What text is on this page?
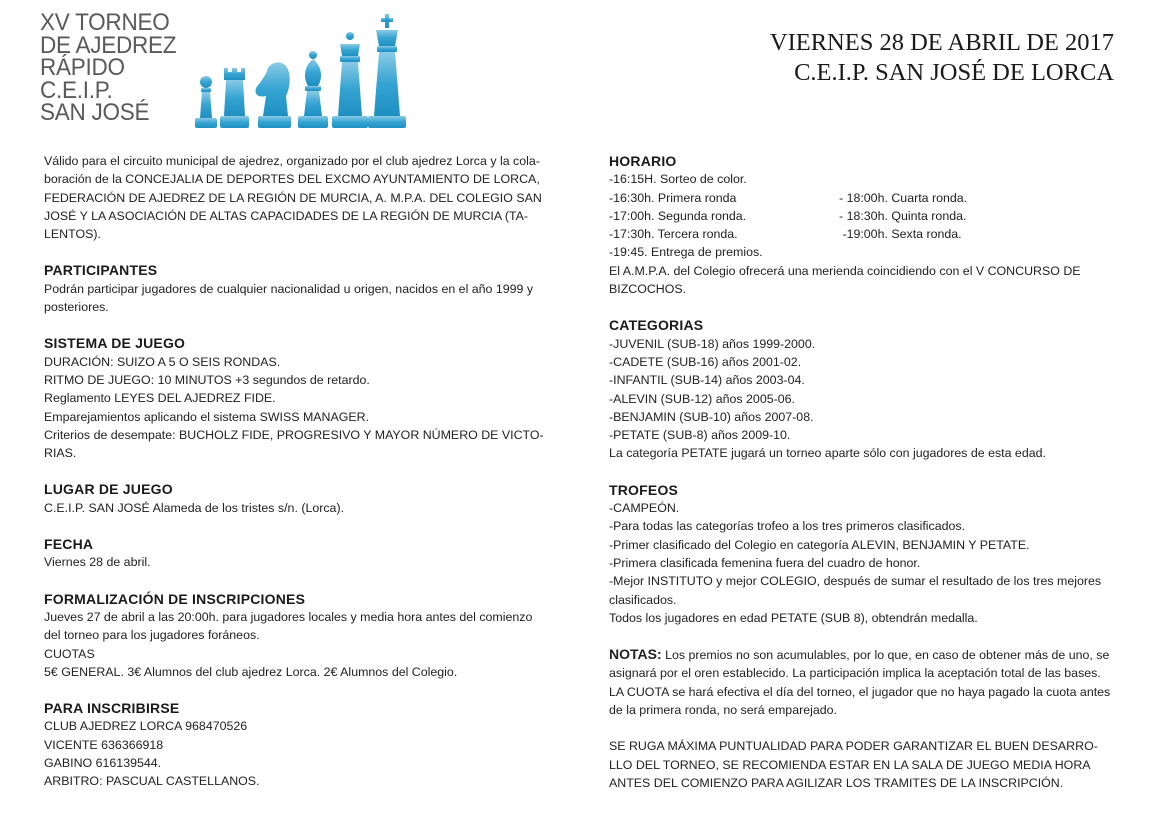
XV TORNEO
DE AJEDREZ
RÁPIDO
C.E.I.P.
SAN JOSÉ
VIERNES 28 DE ABRIL DE 2017
C.E.I.P. SAN JOSÉ DE LORCA

Válido para el circuito municipal de ajedrez, organizado por el club ajedrez Lorca y la cola-

boración de la CONCEJALIA DE DEPORTES DEL EXCMO AYUNTAMIENTO DE LORCA,

FEDERACIÓN DE AJEDREZ DE LA REGIÓN DE MURCIA, A. M.P.A. DEL COLEGIO SAN

JOSÉ Y LA ASOCIACIÓN DE ALTAS CAPACIDADES DE LA REGIÓN DE MURCIA (TA-

LENTOS).

PARTICIPANTES

Podrán participar jugadores de cualquier nacionalidad u origen, nacidos en el año 1999 y

posteriores.

SISTEMA DE JUEGO

DURACIÓN: SUIZO A 5 O SEIS RONDAS.

RITMO DE JUEGO: 10 MINUTOS +3 segundos de retardo.

Reglamento LEYES DEL AJEDREZ FIDE.

Emparejamientos aplicando el sistema SWISS MANAGER.

Criterios de desempate: BUCHOLZ FIDE, PROGRESIVO Y MAYOR NÚMERO DE VICTO-

RIAS.

LUGAR DE JUEGO

C.E.I.P. SAN JOSÉ Alameda de los tristes s/n. (Lorca).

FECHA

Viernes 28 de abril.

FORMALIZACIÓN DE INSCRIPCIONES

Jueves 27 de abril a las 20:00h. para jugadores locales y media hora antes del comienzo

del torneo para los jugadores foráneos.

CUOTAS

5€ GENERAL. 3€ Alumnos del club ajedrez Lorca. 2€ Alumnos del Colegio.

PARA INSCRIBIRSE

CLUB AJEDREZ LORCA 968470526

VICENTE 636366918

GABINO 616139544.

ARBITRO: PASCUAL CASTELLANOS.

HORARIO

-16:15H. Sorteo de color.

-16:30h. Primera ronda	- 18:00h. Cuarta ronda.
-17:00h. Segunda ronda.	- 18:30h. Quinta ronda.
-17:30h. Tercera ronda.	-19:00h. Sexta ronda.

-19:45. Entrega de premios.

El A.M.P.A. del Colegio ofrecerá una merienda coincidiendo con el V CONCURSO DE

BIZCOCHOS.

CATEGORIAS

-JUVENIL (SUB-18) años 1999-2000.

-CADETE (SUB-16) años 2001-02.

-INFANTIL (SUB-14) años 2003-04.

-ALEVIN (SUB-12) años 2005-06.

-BENJAMIN (SUB-10) años 2007-08.

-PETATE (SUB-8) años 2009-10.

La categoría PETATE jugará un torneo aparte sólo con jugadores de esta edad.

TROFEOS

-CAMPEÓN.

-Para todas las categorías trofeo a los tres primeros clasificados.

-Primer clasificado del Colegio en categoría ALEVIN, BENJAMIN Y PETATE.

-Primera clasificada femenina fuera del cuadro de honor.

-Mejor INSTITUTO y mejor COLEGIO, después de sumar el resultado de los tres mejores

clasificados.

Todos los jugadores en edad PETATE (SUB 8), obtendrán medalla.

NOTAS: Los premios no son acumulables, por lo que, en caso de obtener más de uno, se

asignará por el oren establecido. La participación implica la aceptación total de las bases.

LA CUOTA se hará efectiva el día del torneo, el jugador que no haya pagado la cuota antes

de la primera ronda, no será emparejado.

SE RUGA MÁXIMA PUNTUALIDAD PARA PODER GARANTIZAR EL BUEN DESARRO-

LLO DEL TORNEO, SE RECOMIENDA ESTAR EN LA SALA DE JUEGO MEDIA HORA

ANTES DEL COMIENZO PARA AGILIZAR LOS TRAMITES DE LA INSCRIPCIÓN.
